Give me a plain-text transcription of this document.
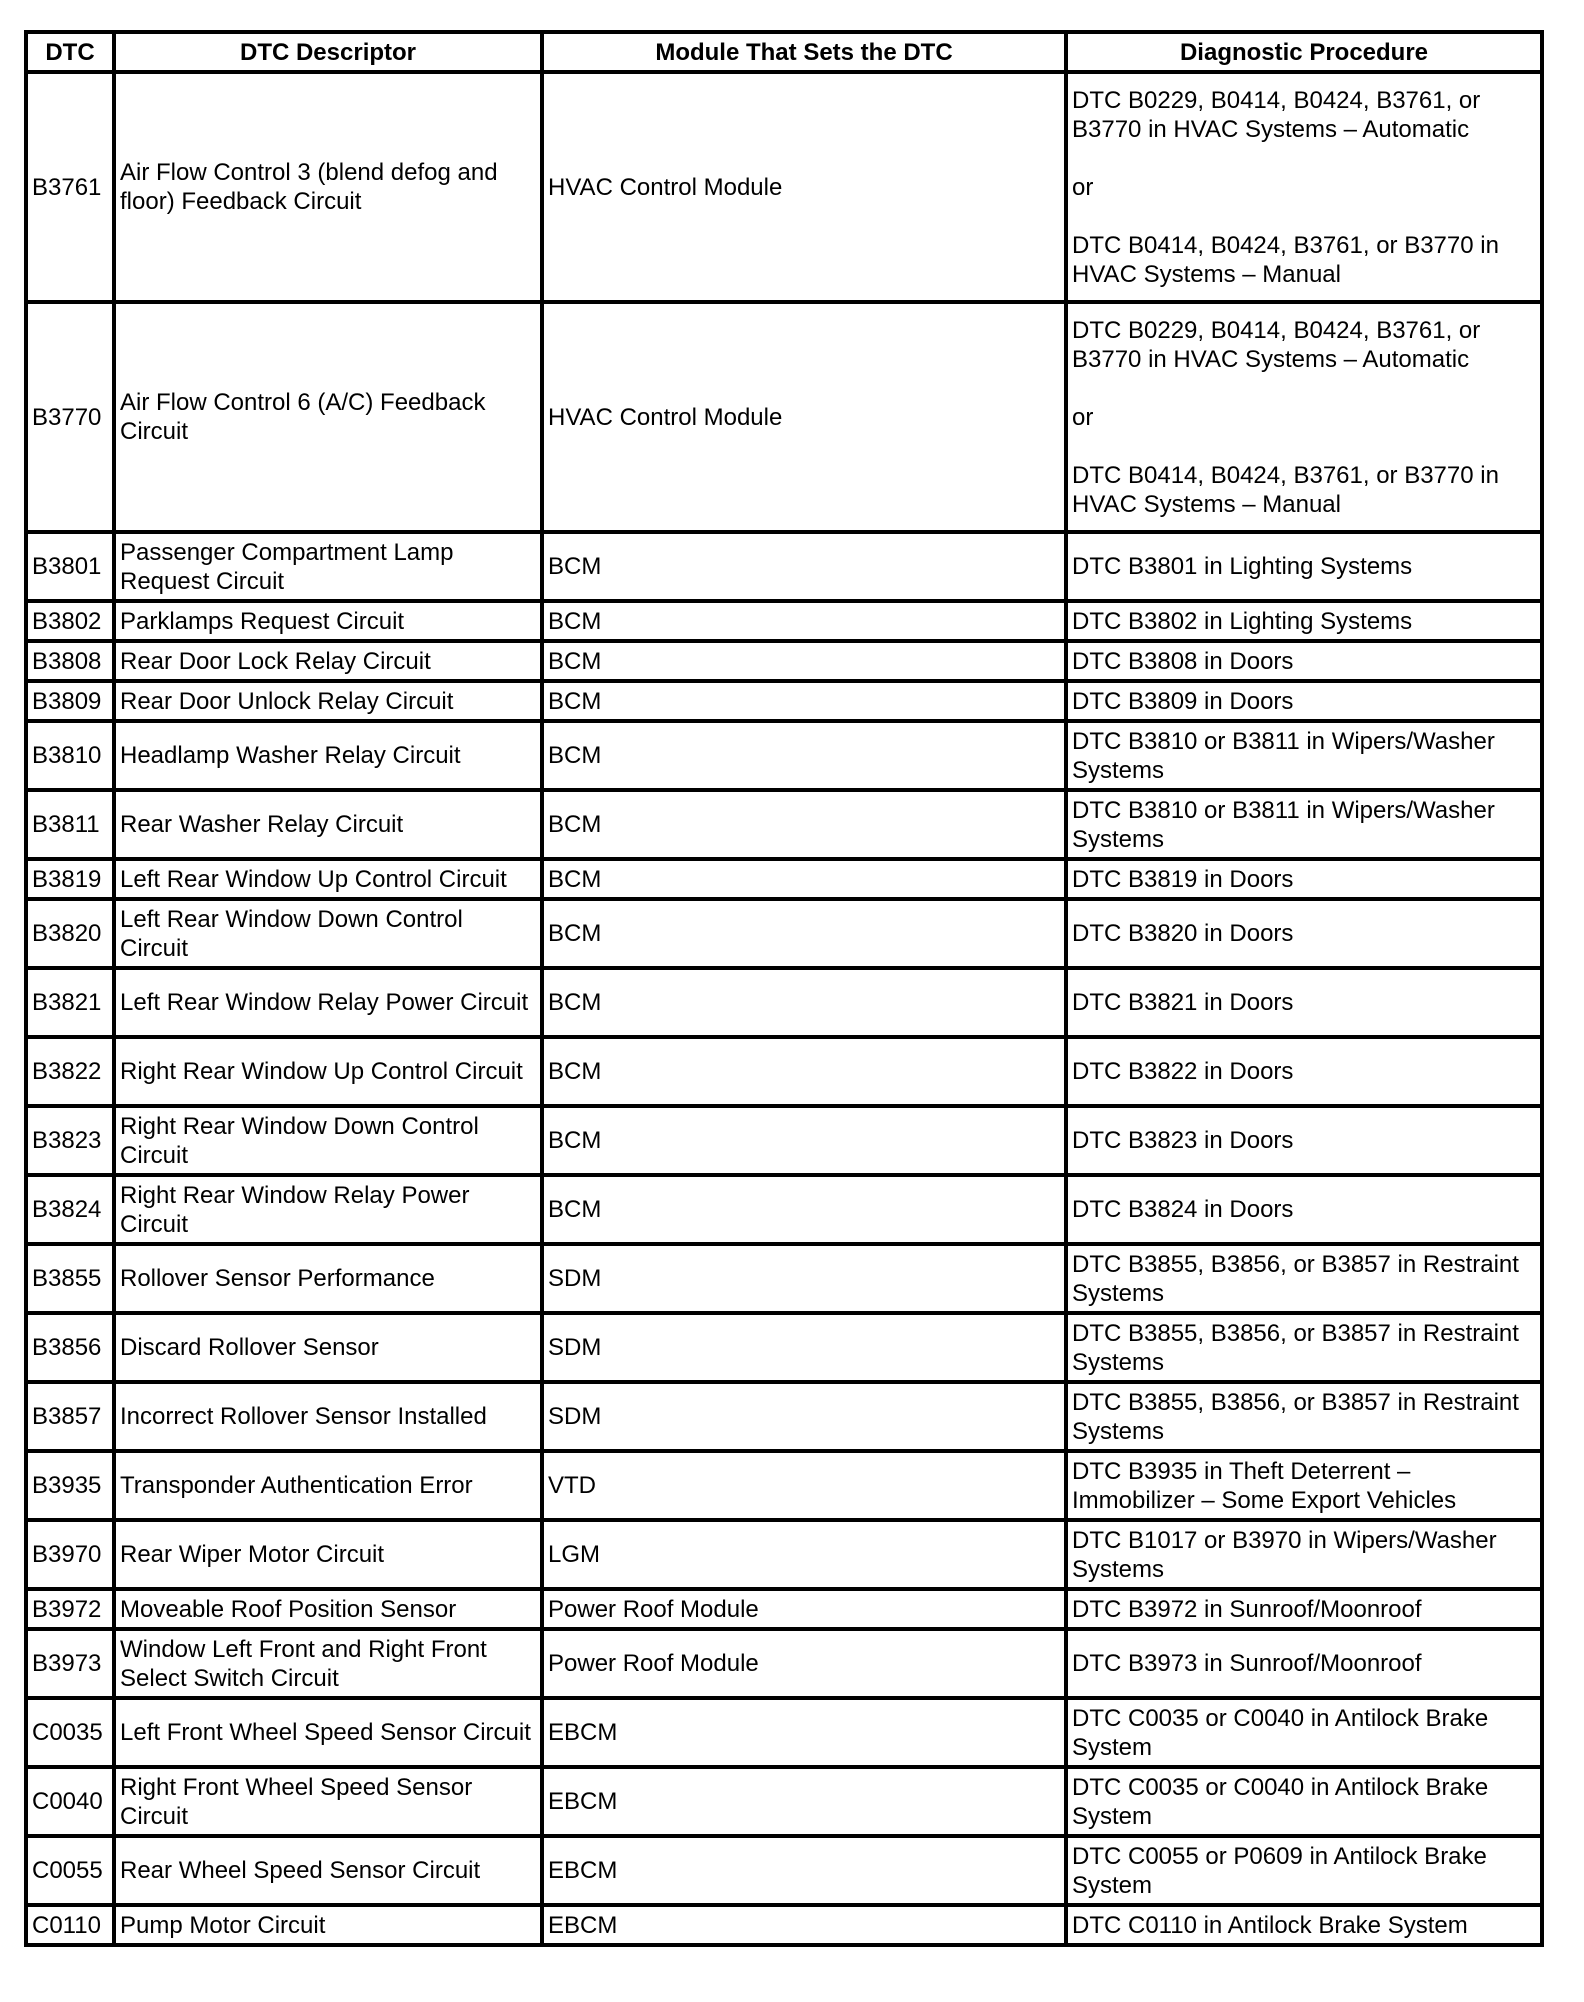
DTC	DTC Descriptor	Module That Sets the DTC	Diagnostic Procedure
B3761	Air Flow Control 3 (blend defog and floor) Feedback Circuit	HVAC Control Module	DTC B0229, B0414, B0424, B3761, or B3770 in HVAC Systems – Automatic
or
DTC B0414, B0424, B3761, or B3770 in HVAC Systems – Manual

B3770	Air Flow Control 6 (A/C) Feedback Circuit	HVAC Control Module	DTC B0229, B0414, B0424, B3761, or B3770 in HVAC Systems – Automatic
or
DTC B0414, B0424, B3761, or B3770 in HVAC Systems – Manual

B3801	Passenger Compartment Lamp Request Circuit	BCM	DTC B3801 in Lighting Systems
B3802	Parklamps Request Circuit	BCM	DTC B3802 in Lighting Systems
B3808	Rear Door Lock Relay Circuit	BCM	DTC B3808 in Doors
B3809	Rear Door Unlock Relay Circuit	BCM	DTC B3809 in Doors
B3810	Headlamp Washer Relay Circuit	BCM	DTC B3810 or B3811 in Wipers/Washer Systems
B3811	Rear Washer Relay Circuit	BCM	DTC B3810 or B3811 in Wipers/Washer Systems
B3819	Left Rear Window Up Control Circuit	BCM	DTC B3819 in Doors
B3820	Left Rear Window Down Control Circuit	BCM	DTC B3820 in Doors
B3821	Left Rear Window Relay Power Circuit	BCM	DTC B3821 in Doors
B3822	Right Rear Window Up Control Circuit	BCM	DTC B3822 in Doors
B3823	Right Rear Window Down Control Circuit	BCM	DTC B3823 in Doors
B3824	Right Rear Window Relay Power Circuit	BCM	DTC B3824 in Doors
B3855	Rollover Sensor Performance	SDM	DTC B3855, B3856, or B3857 in Restraint Systems
B3856	Discard Rollover Sensor	SDM	DTC B3855, B3856, or B3857 in Restraint Systems
B3857	Incorrect Rollover Sensor Installed	SDM	DTC B3855, B3856, or B3857 in Restraint Systems
B3935	Transponder Authentication Error	VTD	DTC B3935 in Theft Deterrent – Immobilizer – Some Export Vehicles
B3970	Rear Wiper Motor Circuit	LGM	DTC B1017 or B3970 in Wipers/Washer Systems
B3972	Moveable Roof Position Sensor	Power Roof Module	DTC B3972 in Sunroof/Moonroof
B3973	Window Left Front and Right Front Select Switch Circuit	Power Roof Module	DTC B3973 in Sunroof/Moonroof
C0035	Left Front Wheel Speed Sensor Circuit	EBCM	DTC C0035 or C0040 in Antilock Brake System
C0040	Right Front Wheel Speed Sensor Circuit	EBCM	DTC C0035 or C0040 in Antilock Brake System
C0055	Rear Wheel Speed Sensor Circuit	EBCM	DTC C0055 or P0609 in Antilock Brake System
C0110	Pump Motor Circuit	EBCM	DTC C0110 in Antilock Brake System
